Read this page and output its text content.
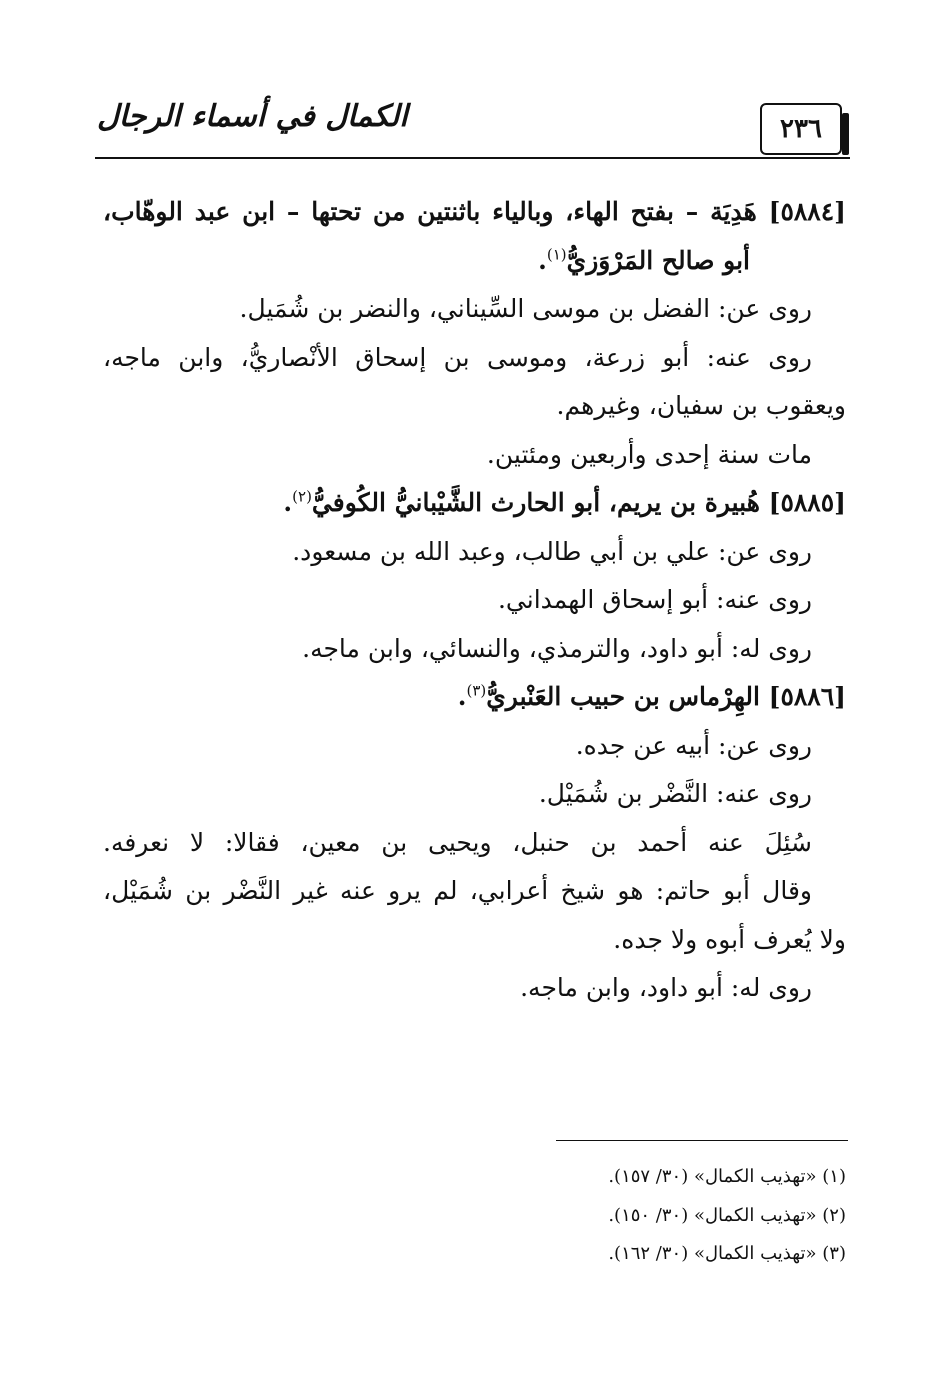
الكمال في أسماء الرجال	٢٣٦
[٥٨٨٤] هَدِيَة – بفتح الهاء، وبالياء باثنتين من تحتها – ابن عبد الوهّاب،
أبو صالح المَرْوَزيُّ$^{(١)}$.
روى عن: الفضل بن موسى السِّيناني، والنضر بن شُمَيل.
روى عنه: أبو زرعة، وموسى بن إسحاق الأنْصاريُّ، وابن ماجه،
ويعقوب بن سفيان، وغيرهم.
مات سنة إحدى وأربعين ومئتين.
[٥٨٨٥] هُبيرة بن يريم، أبو الحارث الشَّيْبانيُّ الكُوفيُّ$^{(٢)}$.
روى عن: علي بن أبي طالب، وعبد الله بن مسعود.
روى عنه: أبو إسحاق الهمداني.
روى له: أبو داود، والترمذي، والنسائي، وابن ماجه.
[٥٨٨٦] الهِرْماس بن حبيب العَنْبريُّ$^{(٣)}$.
روى عن: أبيه عن جده.
روى عنه: النَّضْر بن شُمَيْل.
سُئِلَ عنه أحمد بن حنبل، ويحيى بن معين، فقالا: لا نعرفه.
وقال أبو حاتم: هو شيخ أعرابي، لم يرو عنه غير النَّضْر بن شُمَيْل،
ولا يُعرف أبوه ولا جده.
روى له: أبو داود، وابن ماجه.
(١) «تهذيب الكمال» (٣٠/ ١٥٧).
(٢) «تهذيب الكمال» (٣٠/ ١٥٠).
(٣) «تهذيب الكمال» (٣٠/ ١٦٢).
